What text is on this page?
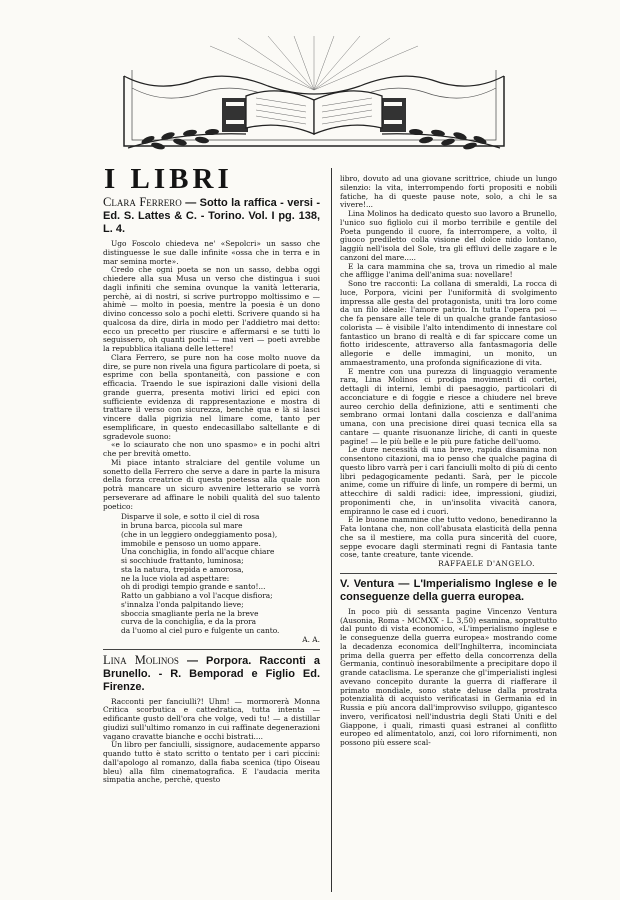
I LIBRI

Clara Ferrero — Sotto la raffica - versi - Ed. S. Lattes & C. - Torino. Vol. I pg. 138, L. 4.

Ugo Foscolo chiedeva ne' «Sepolcri» un sasso che distinguesse le sue dalle infinite «ossa che in terra e in mar semina morte».

Credo che ogni poeta se non un sasso, debba oggi chiedere alla sua Musa un verso che distingua i suoi dagli infiniti che semina ovunque la vanità letteraria, perchè, ai di nostri, si scrive purtroppo moltissimo e — ahimè — molto in poesia, mentre la poesia è un dono divino concesso solo a pochi eletti. Scrivere quando si ha qualcosa da dire, dirla in modo per l'addietro mai detto: ecco un precetto per riuscire e affermarsi e se tutti lo seguissero, oh quanti pochi — mai veri — poeti avrebbe la repubblica italiana delle lettere!

Clara Ferrero, se pure non ha cose molto nuove da dire, se pure non rivela una figura particolare di poeta, si esprime con bella spontaneità, con passione e con efficacia. Traendo le sue ispirazioni dalle visioni della grande guerra, presenta motivi lirici ed epici con sufficiente evidenza di rappresentazione e mostra di trattare il verso con sicurezza, benchè qua e là si lasci vincere dalla pigrizia nel limare come, tanto per esemplificare, in questo endecasillabo saltellante e di sgradevole suono:

«e lo sciaurato che non uno spasmo» e in pochi altri che per brevità ometto.

Mi piace intanto stralciare del gentile volume un sonetto della Ferrero che serve a dare in parte la misura della forza creatrice di questa poetessa alla quale non potrà mancare un sicuro avvenire letterario se vorrà perseverare ad affinare le nobili qualità del suo talento poetico:

Disparve il sole, e sotto il ciel di rosa

in bruna barca, piccola sul mare

(che in un leggiero ondeggiamento posa),

immobile e pensoso un uomo appare.

Una conchiglia, in fondo all'acque chiare

si socchiude frattanto, luminosa;

sta la natura, trepida e amorosa,

ne la luce viola ad aspettare:

oh di prodigi tempio grande e santo!...

Ratto un gabbiano a vol l'acque disfiora;

s'innalza l'onda palpitando lieve;

sboccia smagliante perla ne la breve

curva de la conchiglia, e da la prora

da l'uomo al ciel puro e fulgente un canto.

A. A.

Lina Molinos — Porpora. Racconti a Brunello. - R. Bemporad e Figlio Ed. Firenze.

Racconti per fanciulli?! Uhm! — mormorerà Monna Critica scorbutica e cattedratica, tutta intenta — edificante gusto dell'ora che volge, vedi tu! — a distillar giudizi sull'ultimo romanzo in cui raffinate degenerazioni vagano cravatte bianche e occhi bistrati....

Un libro per fanciulli, sissignore, audacemente apparso quando tutto è stato scritto o tentato per i cari piccini: dall'apologo al romanzo, dalla fiaba scenica (tipo Oiseau bleu) alla film cinematografica. E l'audacia merita simpatia anche, perchè, questo

libro, dovuto ad una giovane scrittrice, chiude un lungo silenzio: la vita, interrompendo forti propositi e nobili fatiche, ha di queste pause note, solo, a chi le sa vivere!...

Lina Molinos ha dedicato questo suo lavoro a Brunello, l'unico suo figliolo cui il morbo terribile e gentile del Poeta pungendo il cuore, fa interrompere, a volto, il giuoco prediletto colla visione del dolce nido lontano, laggiù nell'isola del Sole, tra gli effluvi delle zagare e le canzoni del mare.....

E la cara mammina che sa, trova un rimedio al male che affligge l'anima dell'anima sua: novellare!

Sono tre racconti: La collana di smeraldi, La rocca di luce, Porpora, vicini per l'uniformità di svolgimento impressa alle gesta del protagonista, uniti tra loro come da un filo ideale: l'amore patrio. In tutta l'opera poi — che fa pensare alle tele di un qualche grande fantasioso colorista — è visibile l'alto intendimento di innestare col fantastico un brano di realtà e di far spiccare come un fiotto iridescente, attraverso alla fantasmagoria delle allegorie e delle immagini, un monito, un ammaestramento, una profonda significazione di vita.

E mentre con una purezza di linguaggio veramente rara, Lina Molinos ci prodiga movimenti di cortei, dettagli di interni, lembi di paesaggio, particolari di acconciature e di foggie e riesce a chiudere nel breve aureo cerchio della definizione, atti e sentimenti che sembrano ormai lontani dalla coscienza e dall'anima umana, con una precisione direi quasi tecnica ella sa cantare — quante risuonanze liriche, di canti in queste pagine! — le più belle e le più pure fatiche dell'uomo.

Le dure necessità di una breve, rapida disamina non consentono citazioni, ma io penso che qualche pagina di questo libro varrà per i cari fanciulli molto di più di cento libri pedagogicamente pedanti. Sarà, per le piccole anime, come un riffuire di linfe, un rompere di bermi, un attecchire di saldi radici: idee, impressioni, giudizi, proponimenti che, in un'insolita vivacità canora, empiranno le case ed i cuori.

E le buone mammine che tutto vedono, benediranno la Fata lontana che, non coll'abusata elasticità della penna che sa il mestiere, ma colla pura sincerità del cuore, seppe evocare dagli sterminati regni di Fantasia tante cose, tante creature, tante vicende.

RAFFAELE D'ANGELO.

V. Ventura — L'Imperialismo Inglese e le conseguenze della guerra europea.

In poco più di sessanta pagine Vincenzo Ventura (Ausonia, Roma - MCMXX - L. 3,50) esamina, soprattutto dal punto di vista economico, «L'imperialismo inglese e le conseguenze della guerra europea» mostrando come la decadenza economica dell'Inghilterra, incominciata prima della guerra per effetto della concorrenza della Germania, continuò inesorabilmente a precipitare dopo il grande cataclisma. Le speranze che gl'imperialisti inglesi avevano concepito durante la guerra di riafferare il primato mondiale, sono state deluse dalla prostrata potenzialità di acquisto verificatasi in Germania ed in Russia e più ancora dall'improvviso sviluppo, gigantesco invero, verificatosi nell'industria degli Stati Uniti e del Giappone, i quali, rimasti quasi estranei al conflitto europeo ed alimentatolo, anzi, coi loro rifornimenti, non possono più essere scal-
